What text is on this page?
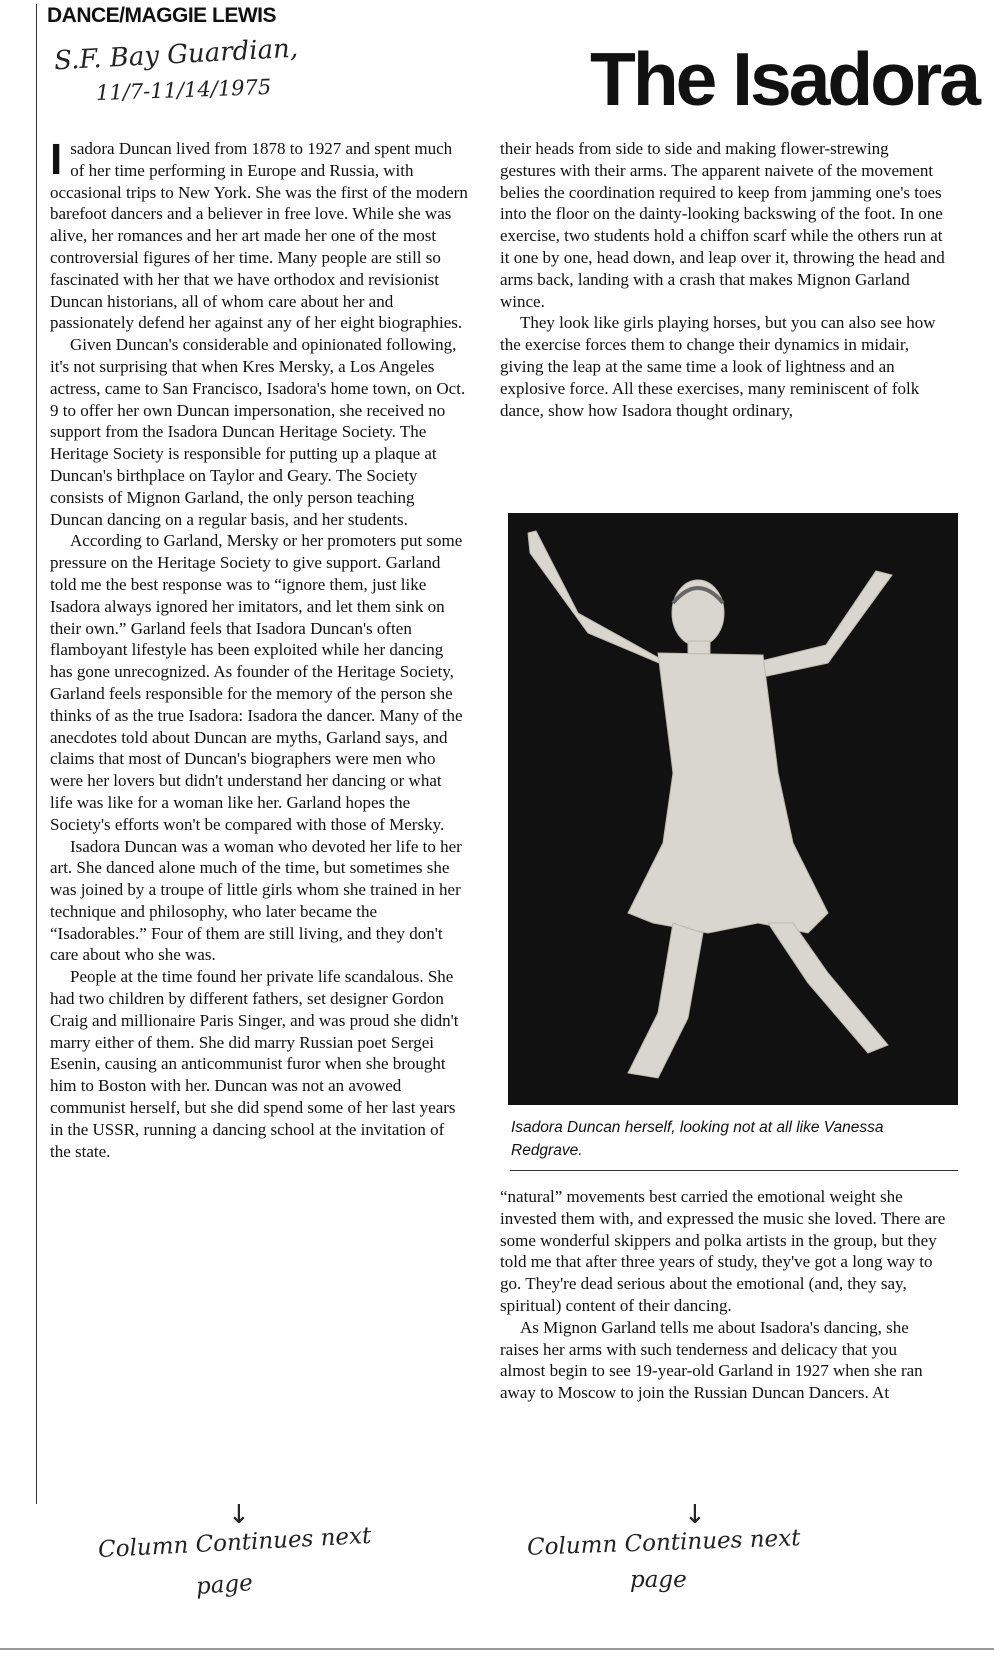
DANCE/MAGGIE LEWIS
S.F. Bay Guardian,
11/7-11/14/1975	The Isadora

Isadora Duncan lived from 1878 to 1927 and spent much of her time performing in Europe and Russia, with occasional trips to New York. She was the first of the modern barefoot dancers and a believer in free love. While she was alive, her romances and her art made her one of the most controversial figures of her time. Many people are still so fascinated with her that we have orthodox and revisionist Duncan historians, all of whom care about her and passionately defend her against any of her eight biographies.

Given Duncan's considerable and opinionated following, it's not surprising that when Kres Mersky, a Los Angeles actress, came to San Francisco, Isadora's home town, on Oct. 9 to offer her own Duncan impersonation, she received no support from the Isadora Duncan Heritage Society. The Heritage Society is responsible for putting up a plaque at Duncan's birthplace on Taylor and Geary. The Society consists of Mignon Garland, the only person teaching Duncan dancing on a regular basis, and her students.

According to Garland, Mersky or her promoters put some pressure on the Heritage Society to give support. Garland told me the best response was to “ignore them, just like Isadora always ignored her imitators, and let them sink on their own.” Garland feels that Isadora Duncan's often flamboyant lifestyle has been exploited while her dancing has gone unrecognized. As founder of the Heritage Society, Garland feels responsible for the memory of the person she thinks of as the true Isadora: Isadora the dancer. Many of the anecdotes told about Duncan are myths, Garland says, and claims that most of Duncan's biographers were men who were her lovers but didn't understand her dancing or what life was like for a woman like her. Garland hopes the Society's efforts won't be compared with those of Mersky.

Isadora Duncan was a woman who devoted her life to her art. She danced alone much of the time, but sometimes she was joined by a troupe of little girls whom she trained in her technique and philosophy, who later became the “Isadorables.” Four of them are still living, and they don't care about who she was.

People at the time found her private life scandalous. She had two children by different fathers, set designer Gordon Craig and millionaire Paris Singer, and was proud she didn't marry either of them. She did marry Russian poet Sergei Esenin, causing an anticommunist furor when she brought him to Boston with her. Duncan was not an avowed communist herself, but she did spend some of her last years in the USSR, running a dancing school at the invitation of the state.

their heads from side to side and making flower-strewing gestures with their arms. The apparent naivete of the movement belies the coordination required to keep from jamming one's toes into the floor on the dainty-looking backswing of the foot. In one exercise, two students hold a chiffon scarf while the others run at it one by one, head down, and leap over it, throwing the head and arms back, landing with a crash that makes Mignon Garland wince.

They look like girls playing horses, but you can also see how the exercise forces them to change their dynamics in midair, giving the leap at the same time a look of lightness and an explosive force. All these exercises, many reminiscent of folk dance, show how Isadora thought ordinary,

Isadora Duncan herself, looking not at all like Vanessa Redgrave.

“natural” movements best carried the emotional weight she invested them with, and expressed the music she loved. There are some wonderful skippers and polka artists in the group, but they told me that after three years of study, they've got a long way to go. They're dead serious about the emotional (and, they say, spiritual) content of their dancing.

As Mignon Garland tells me about Isadora's dancing, she raises her arms with such tenderness and delicacy that you almost begin to see 19-year-old Garland in 1927 when she ran away to Moscow to join the Russian Duncan Dancers. At

↓	↓
Column Continues next
page
Column Continues next
page
